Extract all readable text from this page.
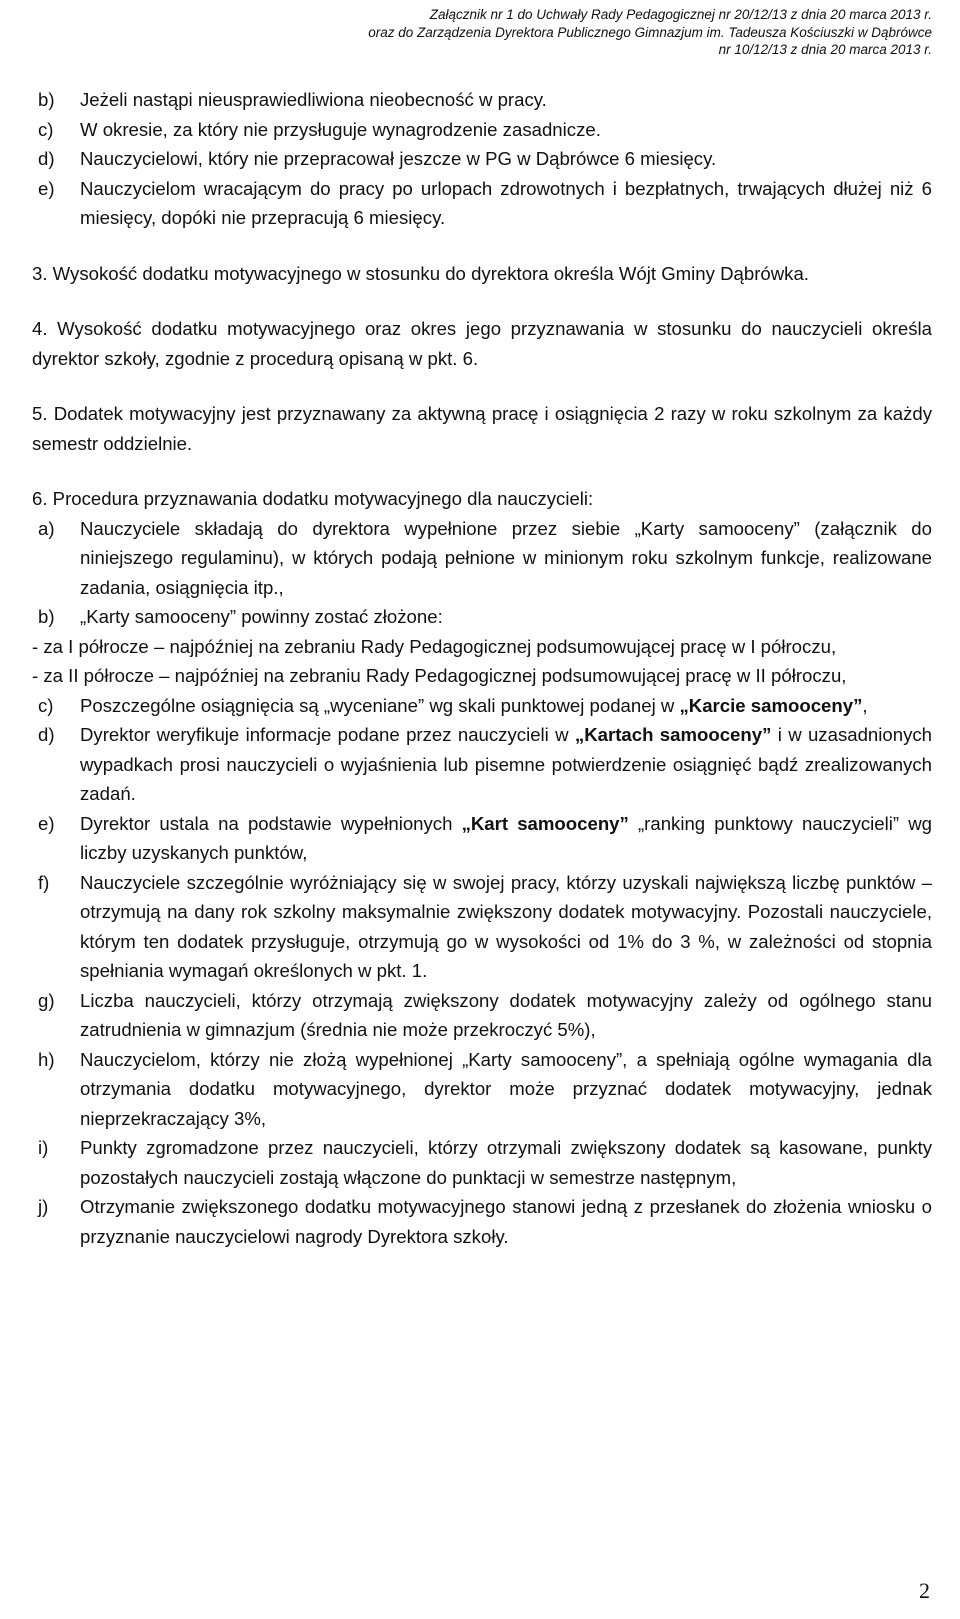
Załącznik nr 1 do Uchwały Rady Pedagogicznej nr 20/12/13 z dnia 20 marca 2013 r.
oraz do Zarządzenia Dyrektora Publicznego Gimnazjum im. Tadeusza Kościuszki w Dąbrówce
nr 10/12/13 z dnia 20 marca 2013 r.
b)	Jeżeli nastąpi nieusprawiedliwiona nieobecność w pracy.
c)	W okresie, za który nie przysługuje wynagrodzenie zasadnicze.
d)	Nauczycielowi, który nie przepracował jeszcze w PG w Dąbrówce 6 miesięcy.
e)	Nauczycielom wracającym do pracy po urlopach zdrowotnych i bezpłatnych, trwających dłużej niż 6 miesięcy, dopóki nie przepracują 6 miesięcy.

3. Wysokość dodatku motywacyjnego w stosunku do dyrektora określa Wójt Gminy Dąbrówka.

4. Wysokość dodatku motywacyjnego oraz okres jego przyznawania w stosunku do nauczycieli określa dyrektor szkoły, zgodnie z procedurą opisaną w pkt. 6.

5. Dodatek motywacyjny jest przyznawany za aktywną pracę i osiągnięcia 2 razy w roku szkolnym za każdy semestr oddzielnie.

6. Procedura przyznawania dodatku motywacyjnego dla nauczycieli:

a)	Nauczyciele składają do dyrektora wypełnione przez siebie „Karty samooceny” (załącznik do niniejszego regulaminu), w których podają pełnione w minionym roku szkolnym funkcje, realizowane zadania, osiągnięcia itp.,
b)	„Karty samooceny” powinny zostać złożone:

- za I półrocze – najpóźniej na zebraniu Rady Pedagogicznej podsumowującej pracę w I półroczu,

- za II półrocze – najpóźniej na zebraniu Rady Pedagogicznej podsumowującej pracę w II półroczu,

c)	Poszczególne osiągnięcia są „wyceniane” wg skali punktowej podanej w „Karcie samooceny”,
d)	Dyrektor weryfikuje informacje podane przez nauczycieli w „Kartach samooceny” i w uzasadnionych wypadkach prosi nauczycieli o wyjaśnienia lub pisemne potwierdzenie osiągnięć bądź zrealizowanych zadań.
e)	Dyrektor ustala na podstawie wypełnionych „Kart samooceny” „ranking punktowy nauczycieli” wg liczby uzyskanych punktów,
f)	Nauczyciele szczególnie wyróżniający się w swojej pracy, którzy uzyskali największą liczbę punktów – otrzymują na dany rok szkolny maksymalnie zwiększony dodatek motywacyjny. Pozostali nauczyciele, którym ten dodatek przysługuje, otrzymują go w wysokości od 1% do 3 %, w zależności od stopnia spełniania wymagań określonych w pkt. 1.
g)	Liczba nauczycieli, którzy otrzymają zwiększony dodatek motywacyjny zależy od ogólnego stanu zatrudnienia w gimnazjum (średnia nie może przekroczyć 5%),
h)	Nauczycielom, którzy nie złożą wypełnionej „Karty samooceny”, a spełniają ogólne wymagania dla otrzymania dodatku motywacyjnego, dyrektor może przyznać dodatek motywacyjny, jednak nieprzekraczający 3%,
i)	Punkty zgromadzone przez nauczycieli, którzy otrzymali zwiększony dodatek są kasowane, punkty pozostałych nauczycieli zostają włączone do punktacji w semestrze następnym,
j)	Otrzymanie zwiększonego dodatku motywacyjnego stanowi jedną z przesłanek do złożenia wniosku o przyznanie nauczycielowi nagrody Dyrektora szkoły.
2
